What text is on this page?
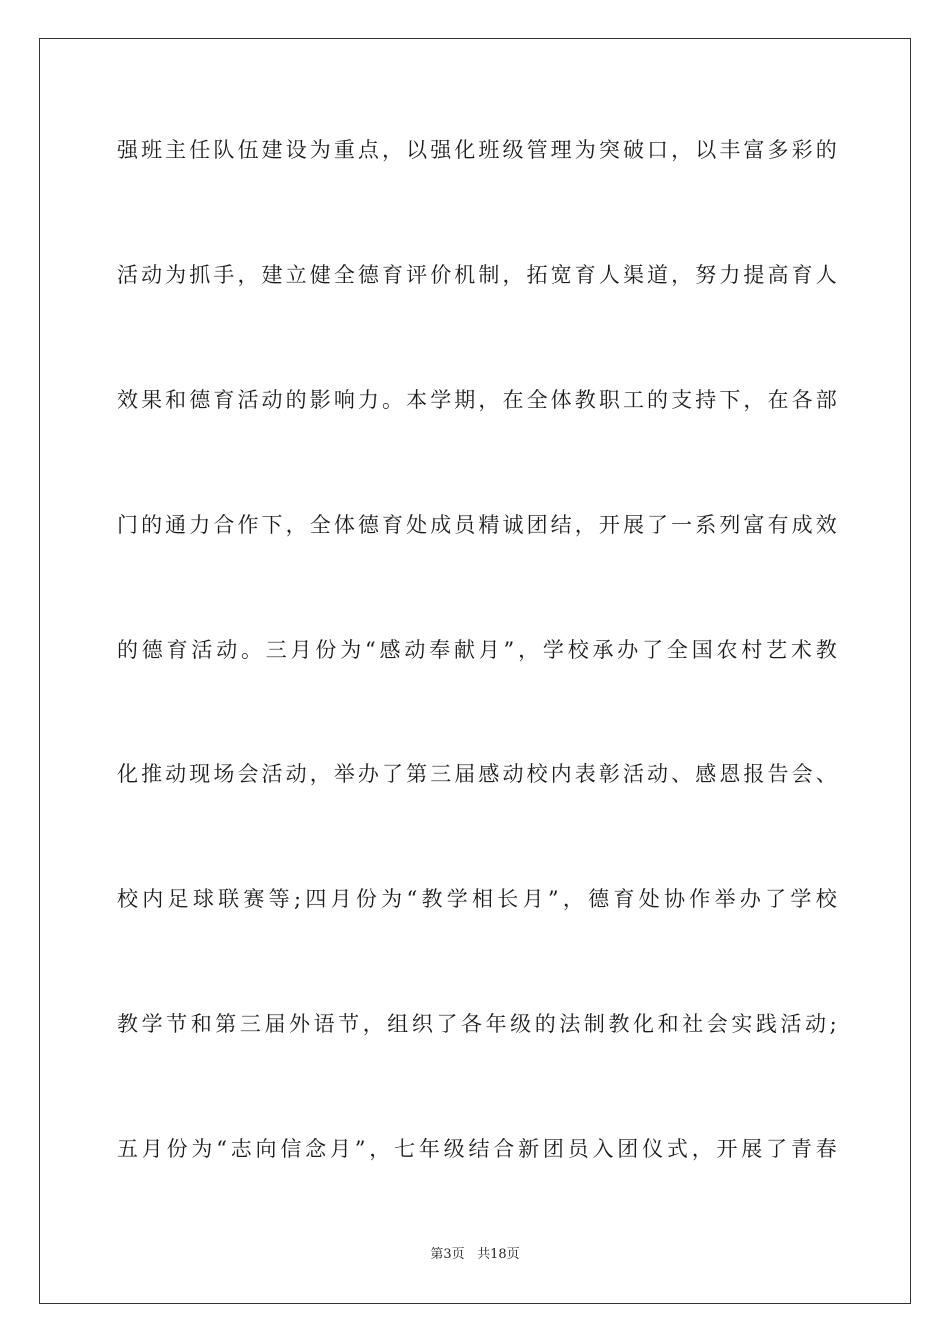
强班主任队伍建设为重点，以强化班级管理为突破口，以丰富多彩的
活动为抓手，建立健全德育评价机制，拓宽育人渠道，努力提高育人
效果和德育活动的影响力。本学期，在全体教职工的支持下，在各部
门的通力合作下，全体德育处成员精诚团结，开展了一系列富有成效
的德育活动。三月份为“感动奉献月”，学校承办了全国农村艺术教
化推动现场会活动，举办了第三届感动校内表彰活动、感恩报告会、
校内足球联赛等;四月份为“教学相长月”，德育处协作举办了学校
教学节和第三届外语节，组织了各年级的法制教化和社会实践活动;
五月份为“志向信念月”，七年级结合新团员入团仪式，开展了青春
第3页 共18页
